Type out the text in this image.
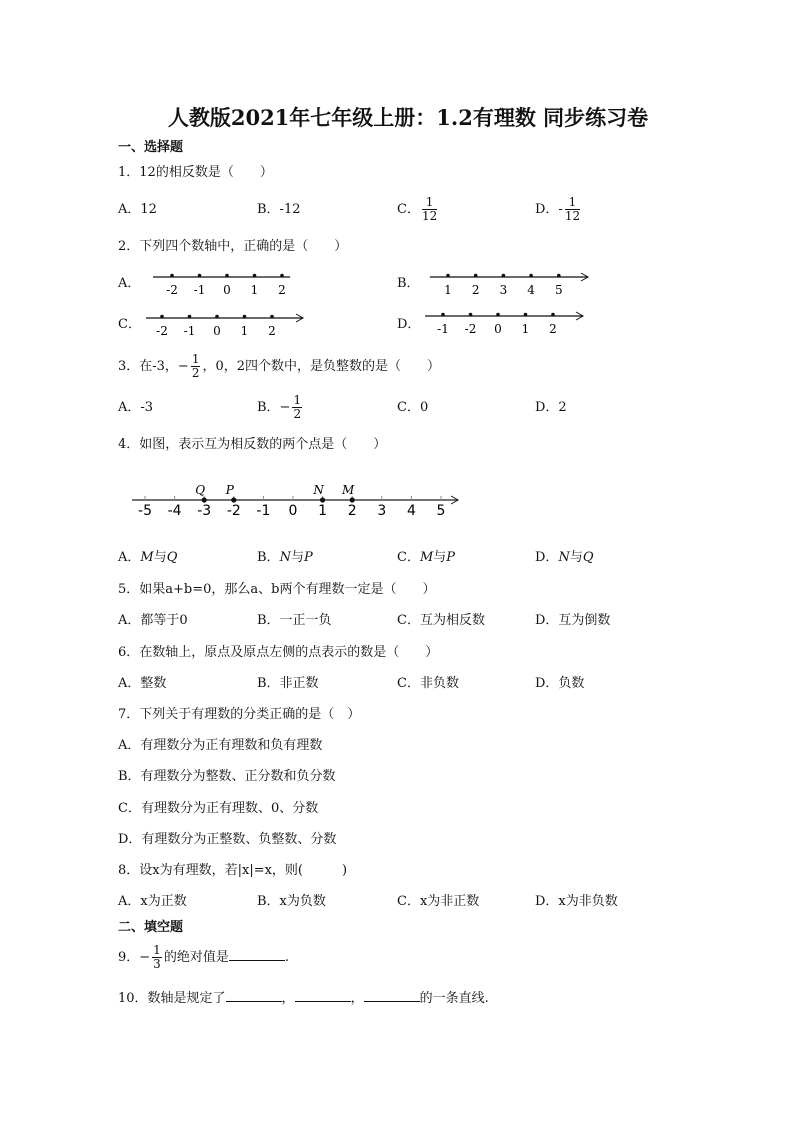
人教版2021年七年级上册：1.2有理数 同步练习卷
一、选择题
1．12的相反数是（　　）
A．12	B．-12	C． $\frac{1}{12}$	D．- $\frac{1}{12}$
2．下列四个数轴中，正确的是（　　）
A．	B．
C．	D．
-2 -1 0 1 2	1 2 3 4 5
-2 -1 0 1 2	-1 -2 0 1 2
3．在-3，− $\frac{1}{2}$ ，0，2四个数中，是负整数的是（　　）
A．-3	B．− $\frac{1}{2}$	C．0	D．2
4．如图，表示互为相反数的两个点是（　　）
-5 -4 -3 -2 -1 0 1 2 3 4 5
Q P	N M
A．M与Q	B．N与P	C．M与P	D．N与Q
5．如果a+b=0，那么a、b两个有理数一定是（　　）
A．都等于0	B．一正一负	C．互为相反数	D．互为倒数
6．在数轴上，原点及原点左侧的点表示的数是（　　）
A．整数	B．非正数	C．非负数	D．负数
7．下列关于有理数的分类正确的是（　）
A．有理数分为正有理数和负有理数
B．有理数分为整数、正分数和负分数
C．有理数分为正有理数、0、分数
D．有理数分为正整数、负整数、分数
8．设x为有理数，若|x|=x，则(　　　)
A．x为正数	B．x为负数	C．x为非正数	D．x为非负数
二、填空题
9．− $\frac{1}{3}$ 的绝对值是	.
10．数轴是规定了	，	，	的一条直线.
